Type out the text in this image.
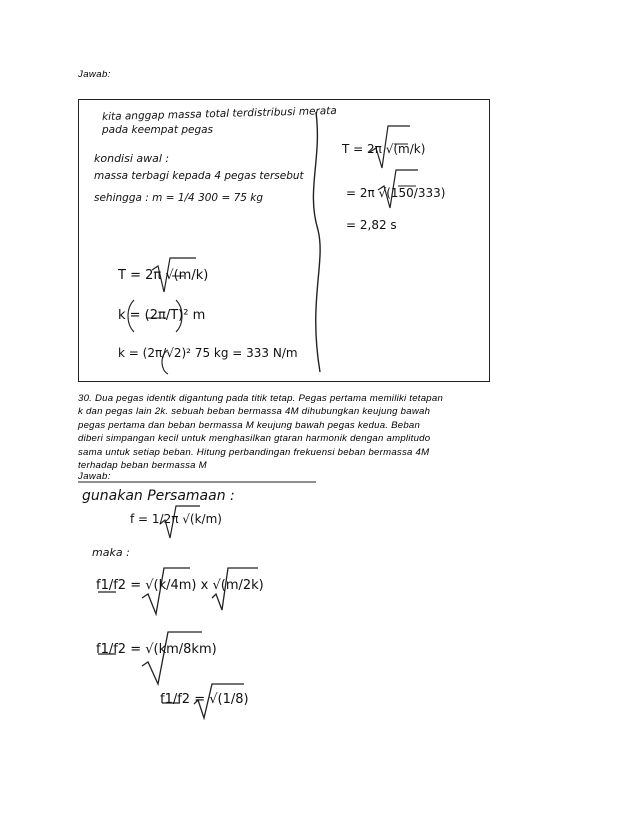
Jawab:
kita anggap massa total terdistribusi merata
pada keempat pegas
kondisi awal :
massa terbagi kepada 4 pegas tersebut
sehingga : m = 1/4 300 = 75 kg
T = 2π √(m/k)
k = (2π/T)² m
k = (2π/√2)² 75 kg = 333 N/m
T = 2π √(m/k)
= 2π √(150/333)
= 2,82 s
30. Dua pegas identik digantung pada titik tetap. Pegas pertama memiliki tetapan
k dan pegas lain 2k. sebuah beban bermassa 4M dihubungkan keujung bawah
pegas pertama dan beban bermassa M keujung bawah pegas kedua. Beban
diberi simpangan kecil untuk menghasilkan gtaran harmonik dengan amplitudo
sama untuk setiap beban. Hitung perbandingan frekuensi beban bermassa 4M
terhadap beban bermassa M
Jawab:
gunakan Persamaan :
f = 1/2π √(k/m)
maka :
f1/f2 = √(k/4m) x √(m/2k)
f1/f2 = √(km/8km)
f1/f2 = √(1/8)
